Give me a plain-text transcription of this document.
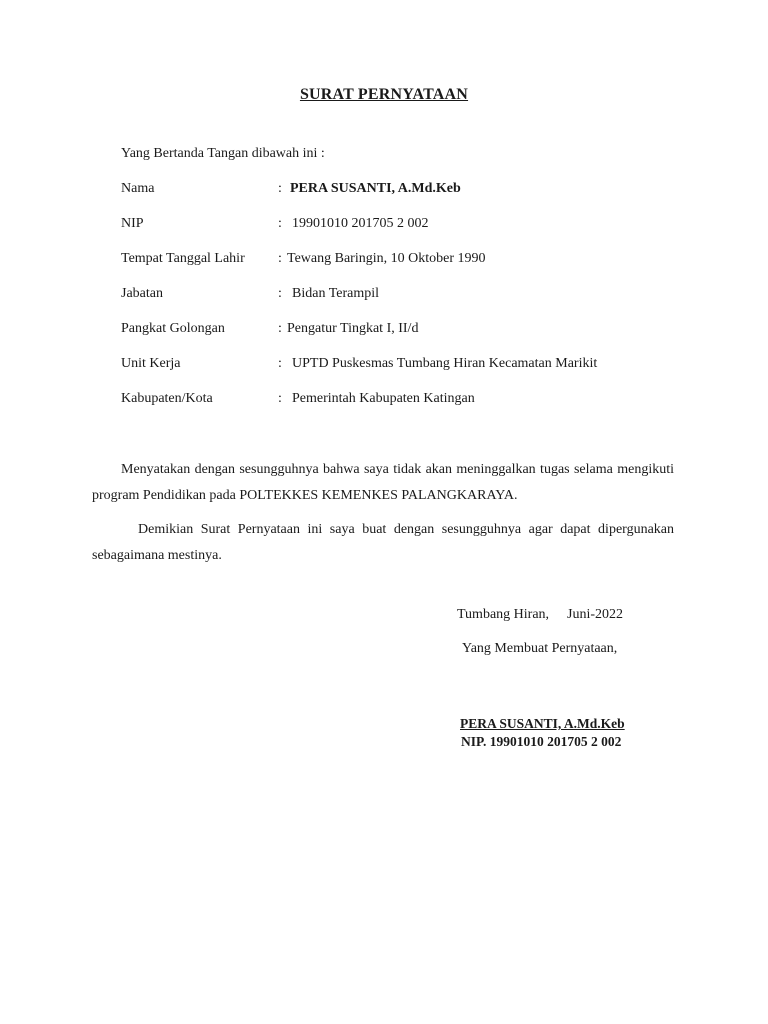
SURAT PERNYATAAN
Yang Bertanda Tangan dibawah ini :
Nama	: PERA SUSANTI, A.Md.Keb
NIP	: 19901010 201705 2 002
Tempat Tanggal Lahir : Tewang Baringin, 10 Oktober 1990
Jabatan	: Bidan Terampil
Pangkat Golongan	: Pengatur Tingkat I, II/d
Unit Kerja	: UPTD Puskesmas Tumbang Hiran Kecamatan Marikit
Kabupaten/Kota	: Pemerintah Kabupaten Katingan
Menyatakan dengan sesungguhnya bahwa saya tidak akan meninggalkan tugas selama mengikuti program Pendidikan pada POLTEKKES KEMENKES PALANGKARAYA.
Demikian Surat Pernyataan ini saya buat dengan sesungguhnya agar dapat dipergunakan sebagaimana mestinya.
Tumbang Hiran, Juni-2022
Yang Membuat Pernyataan,
PERA SUSANTI, A.Md.Keb
NIP. 19901010 201705 2 002
